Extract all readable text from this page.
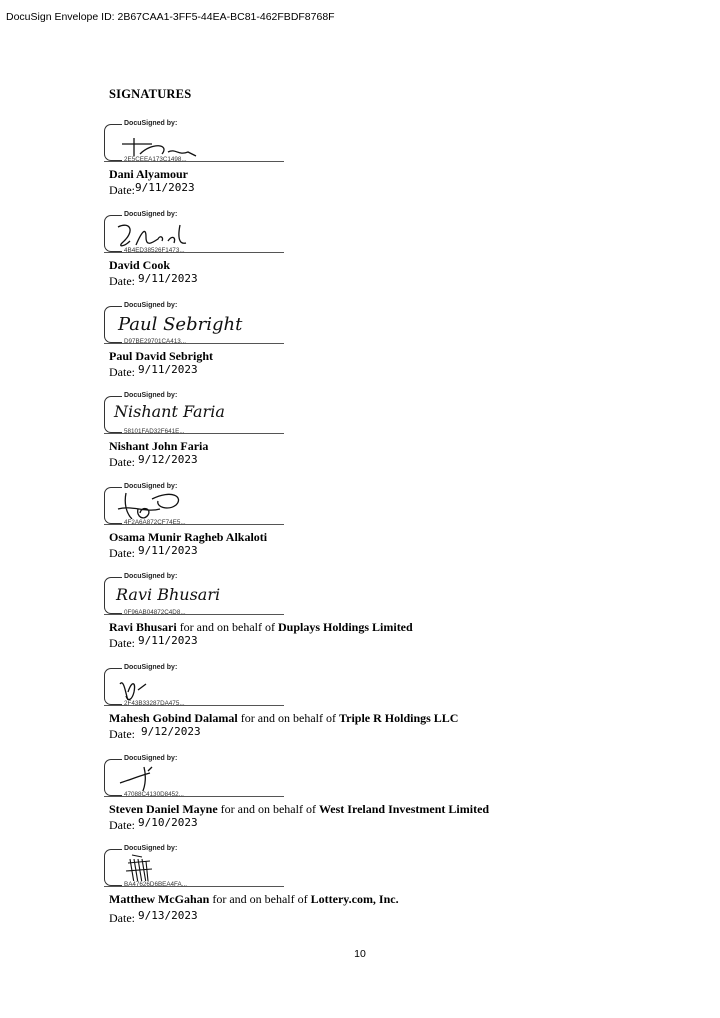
DocuSign Envelope ID: 2B67CAA1-3FF5-44EA-BC81-462FBDF8768F
SIGNATURES
DocuSigned by:
2E5CEEA173C1498...
Dani Alyamour
Date:9/11/2023
DocuSigned by:
4B4ED38526F1473...
David Cook
Date: 9/11/2023
DocuSigned by:
Paul Sebright
D97BE29701CA413...
Paul David Sebright
Date: 9/11/2023
DocuSigned by:
Nishant Faria
58101FAD32F641E...
Nishant John Faria
Date: 9/12/2023
DocuSigned by:
4F2A6A872CF74E5...
Osama Munir Ragheb Alkaloti
Date: 9/11/2023
DocuSigned by:
Ravi Bhusari
0F96AB04872C4D8...
Ravi Bhusari for and on behalf of Duplays Holdings Limited
Date: 9/11/2023
DocuSigned by:
2F43B33287DA475...
Mahesh Gobind Dalamal for and on behalf of Triple R Holdings LLC
Date: 9/12/2023
DocuSigned by:
47088C4130D8452...
Steven Daniel Mayne for and on behalf of West Ireland Investment Limited
Date: 9/10/2023
DocuSigned by:
BA47626D6BEA4FA...
Matthew McGahan for and on behalf of Lottery.com, Inc.
Date: 9/13/2023
10
